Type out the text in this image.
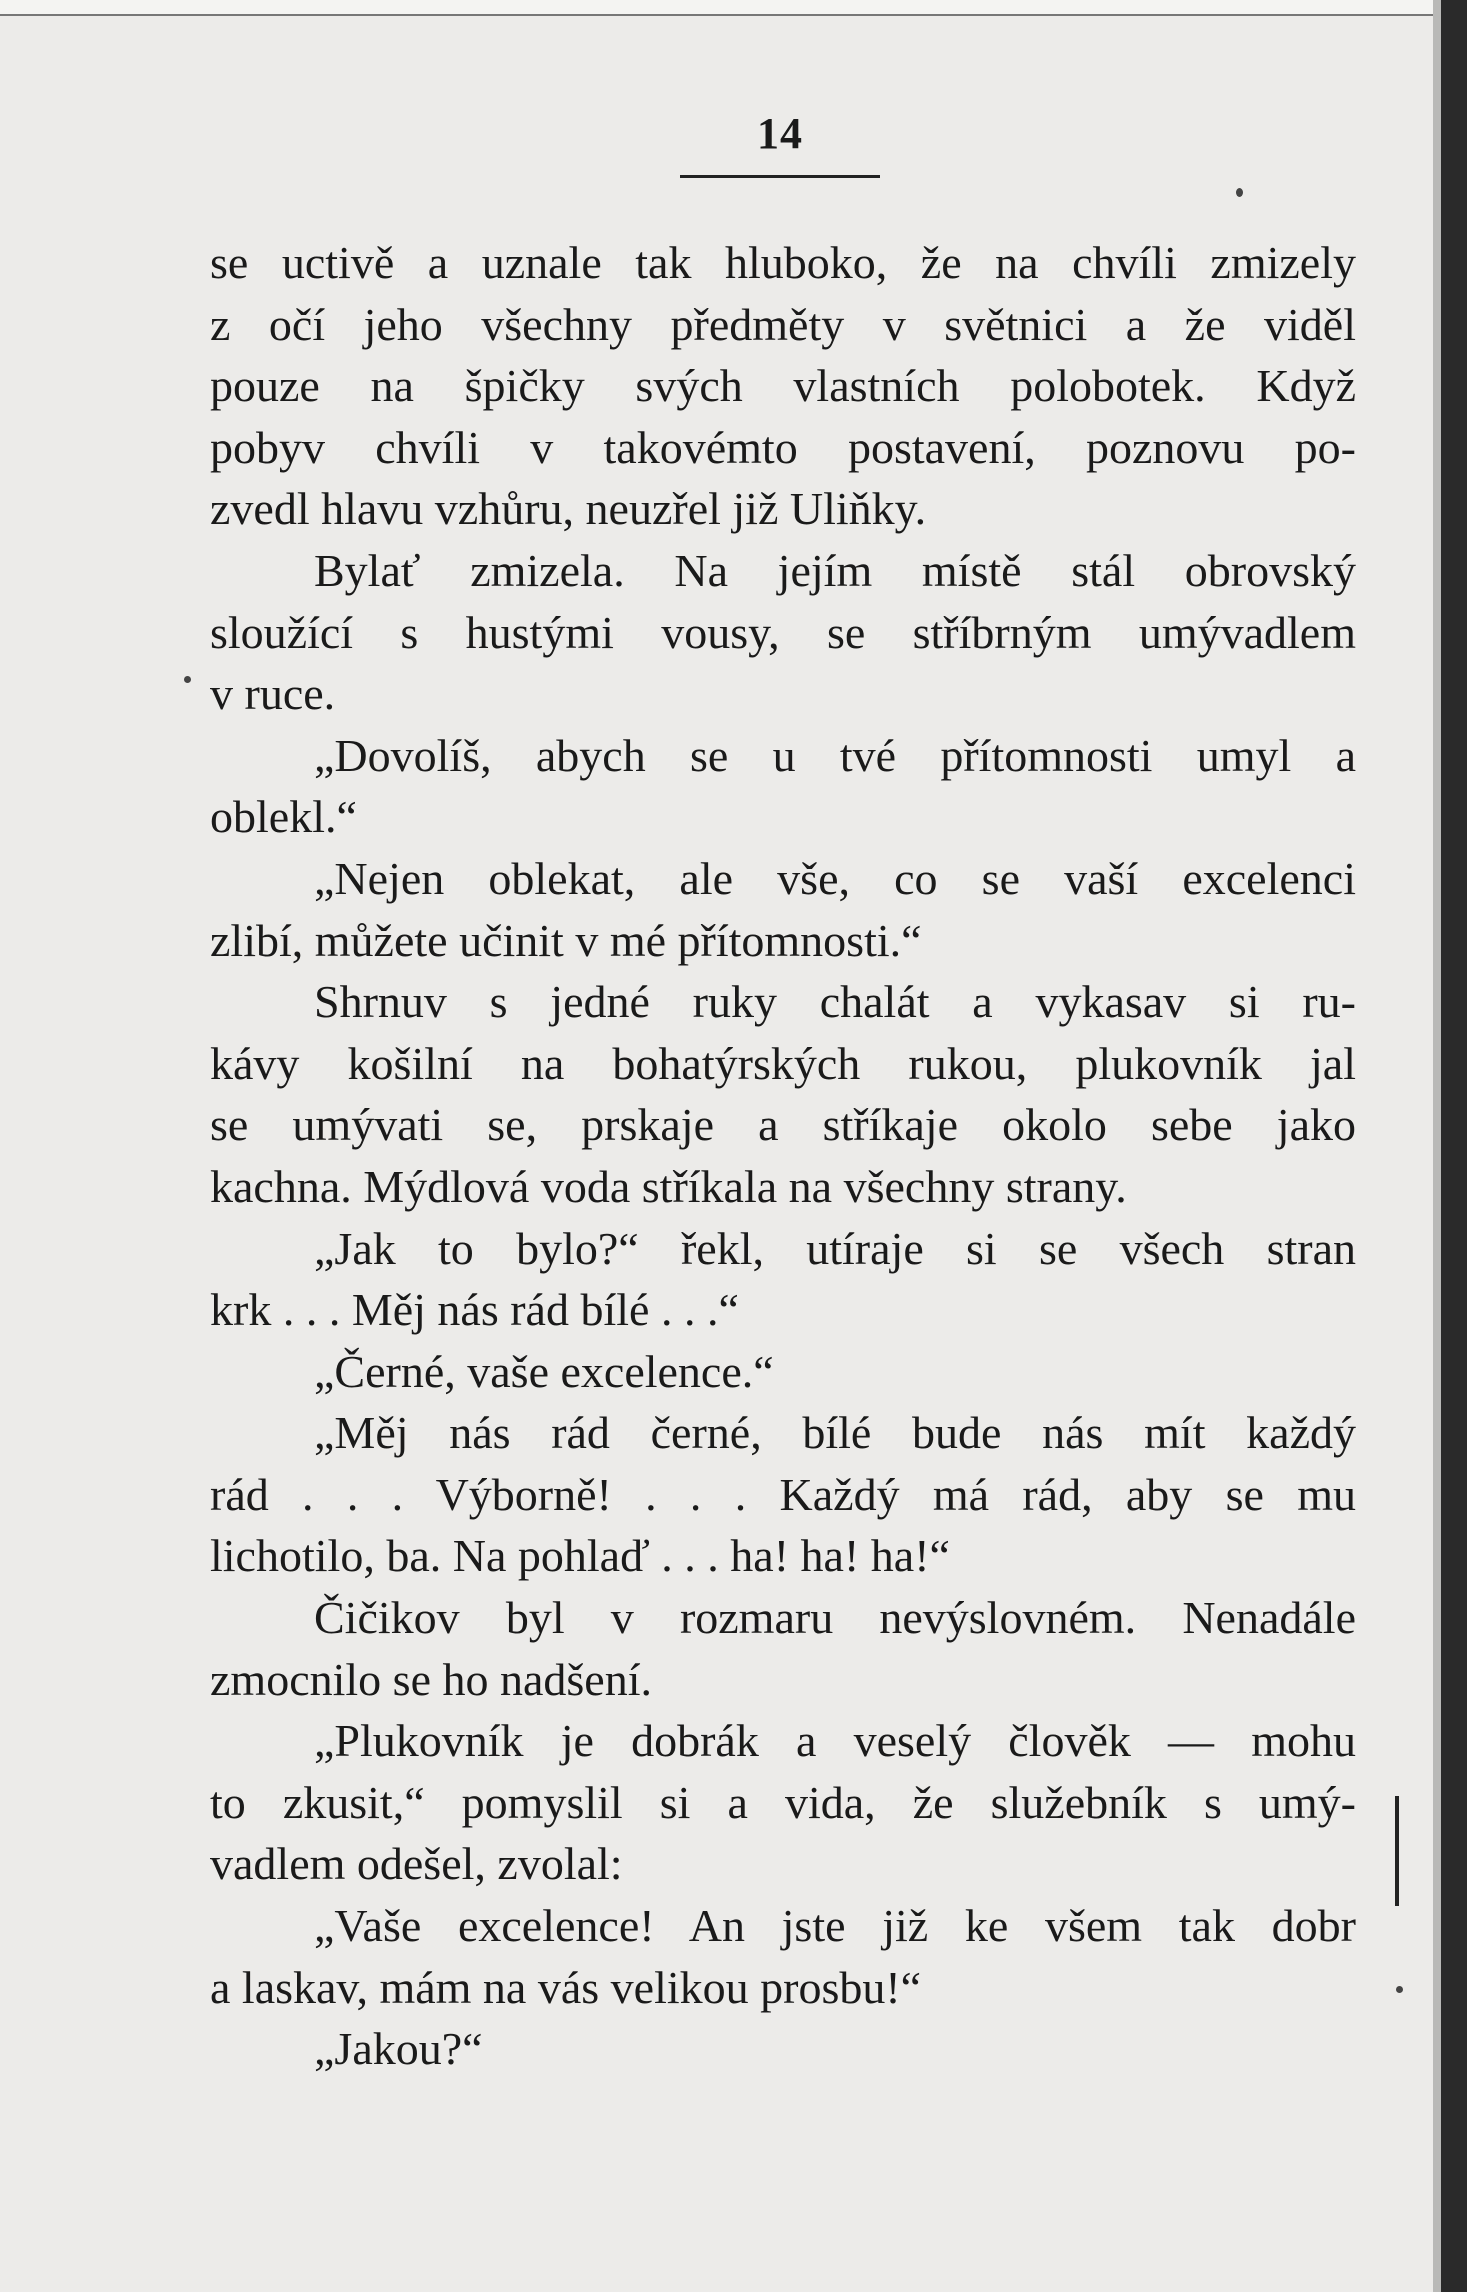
14
se uctivě a uznale tak hluboko, že na chvíli zmizely
z očí jeho všechny předměty v světnici a že viděl
pouze na špičky svých vlastních polobotek. Když
pobyv chvíli v takovémto postavení, poznovu po-
zvedl hlavu vzhůru, neuzřel již Uliňky.
Bylať zmizela. Na jejím místě stál obrovský
sloužící s hustými vousy, se stříbrným umývadlem
v ruce.
„Dovolíš, abych se u tvé přítomnosti umyl a
oblekl.“
„Nejen oblekat, ale vše, co se vaší excelenci
zlibí, můžete učinit v mé přítomnosti.“
Shrnuv s jedné ruky chalát a vykasav si ru-
kávy košilní na bohatýrských rukou, plukovník jal
se umývati se, prskaje a stříkaje okolo sebe jako
kachna. Mýdlová voda stříkala na všechny strany.
„Jak to bylo?“ řekl, utíraje si se všech stran
krk . . . Měj nás rád bílé . . .“
„Černé, vaše excelence.“
„Měj nás rád černé, bílé bude nás mít každý
rád . . . Výborně! . . . Každý má rád, aby se mu
lichotilo, ba. Na pohlaď . . . ha! ha! ha!“
Čičikov byl v rozmaru nevýslovném. Nenadále
zmocnilo se ho nadšení.
„Plukovník je dobrák a veselý člověk — mohu
to zkusit,“ pomyslil si a vida, že služebník s umý-
vadlem odešel, zvolal:
„Vaše excelence! An jste již ke všem tak dobr
a laskav, mám na vás velikou prosbu!“
„Jakou?“
